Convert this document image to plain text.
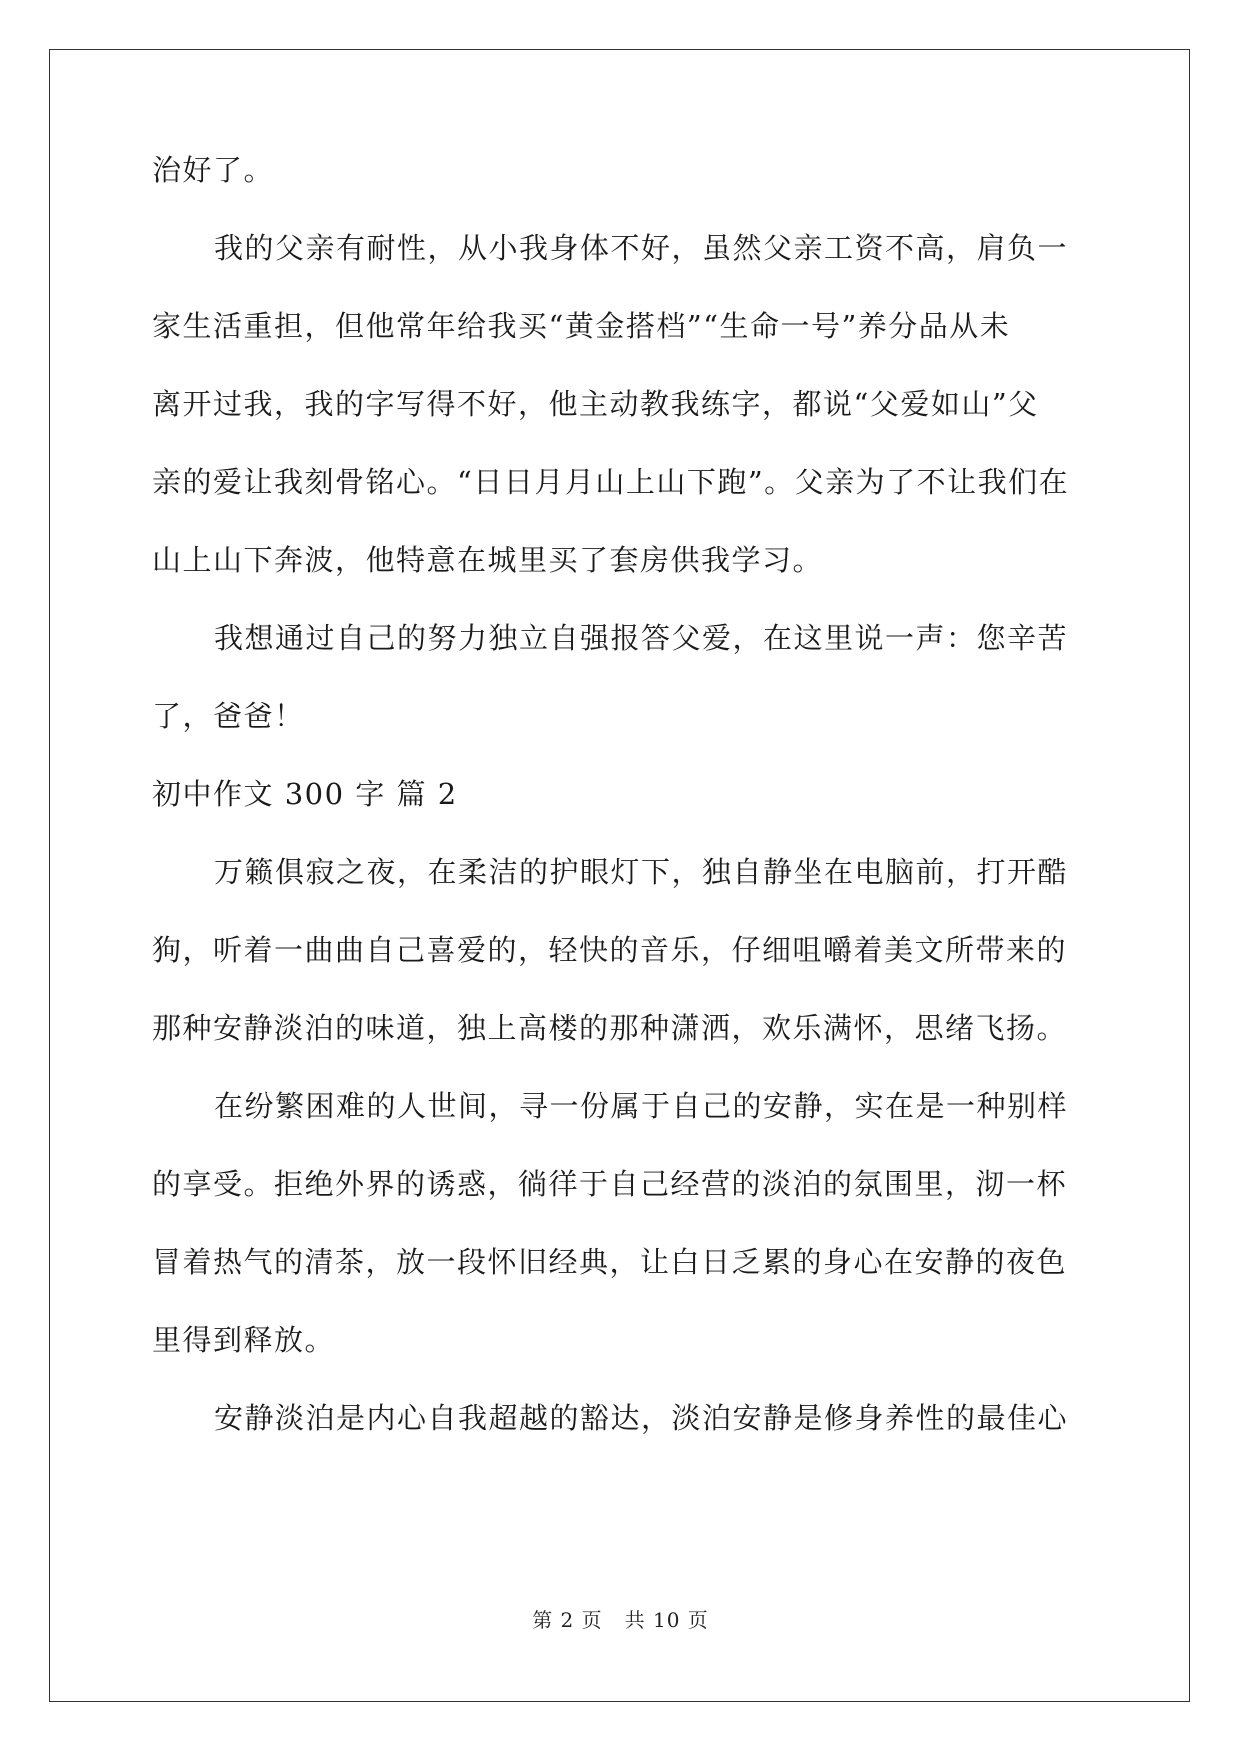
治好了。
我的父亲有耐性，从小我身体不好，虽然父亲工资不高，肩负一
家生活重担，但他常年给我买“黄金搭档”“生命一号”养分品从未
离开过我，我的字写得不好，他主动教我练字，都说“父爱如山”父
亲的爱让我刻骨铭心。“日日月月山上山下跑”。父亲为了不让我们在
山上山下奔波，他特意在城里买了套房供我学习。
我想通过自己的努力独立自强报答父爱，在这里说一声：您辛苦
了，爸爸！
初中作文 300 字 篇 2
万籁俱寂之夜，在柔洁的护眼灯下，独自静坐在电脑前，打开酷
狗，听着一曲曲自己喜爱的，轻快的音乐，仔细咀嚼着美文所带来的
那种安静淡泊的味道，独上高楼的那种潇洒，欢乐满怀，思绪飞扬。
在纷繁困难的人世间，寻一份属于自己的安静，实在是一种别样
的享受。拒绝外界的诱惑，徜徉于自己经营的淡泊的氛围里，沏一杯
冒着热气的清茶，放一段怀旧经典，让白日乏累的身心在安静的夜色
里得到释放。
安静淡泊是内心自我超越的豁达，淡泊安静是修身养性的最佳心
第 2 页 共 10 页
